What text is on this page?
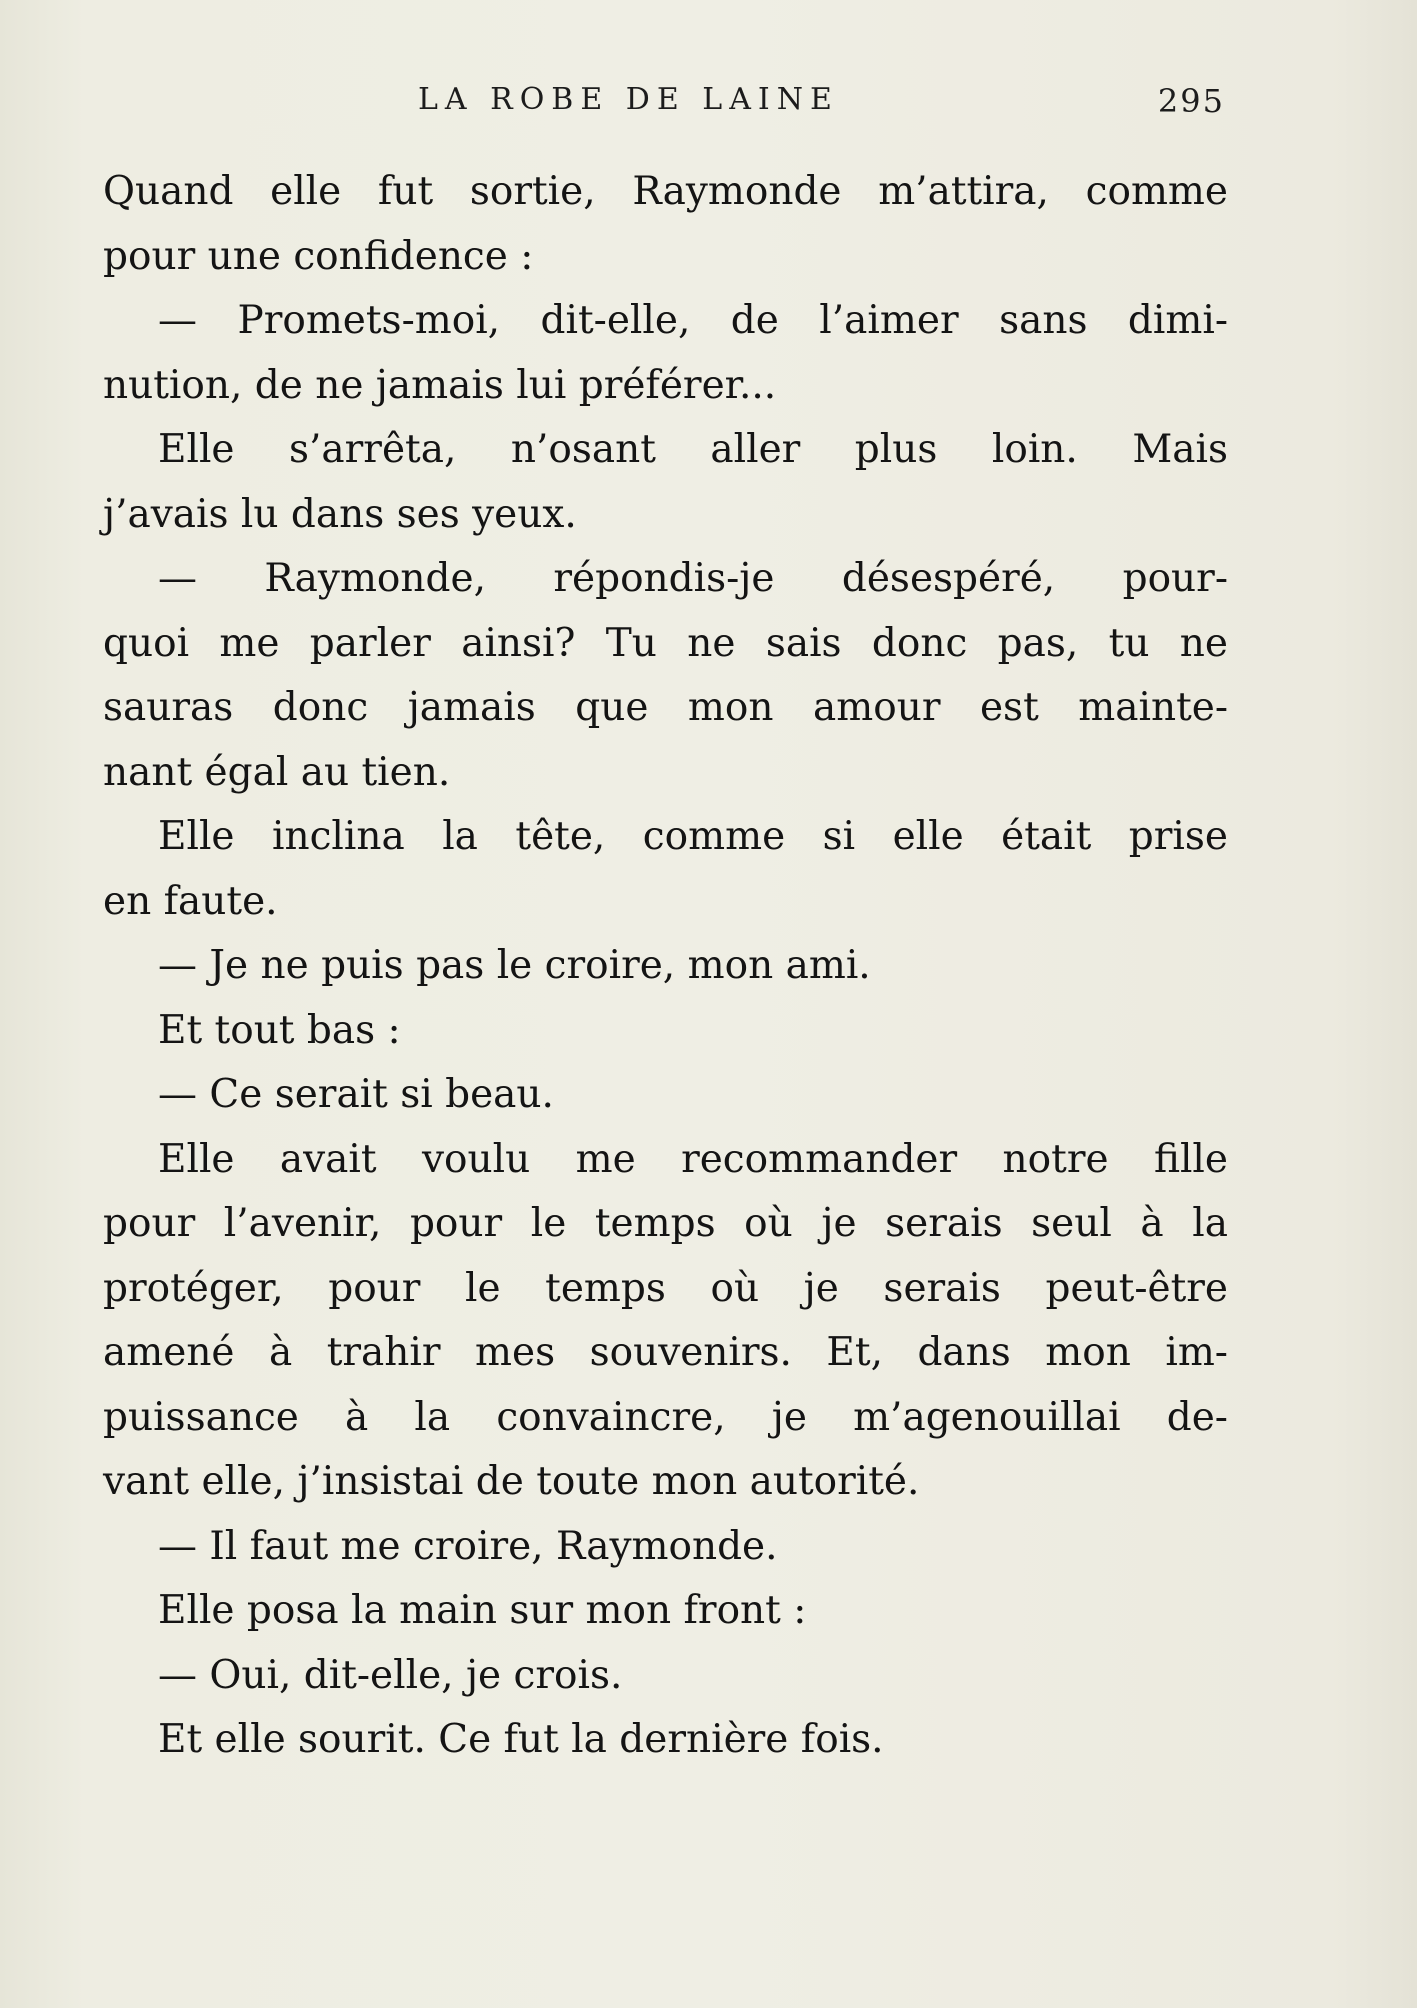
LA ROBE DE LAINE	295
Quand elle fut sortie, Raymonde m’attira, comme
pour une confidence :
— Promets-moi, dit-elle, de l’aimer sans dimi-
nution, de ne jamais lui préférer...
Elle s’arrêta, n’osant aller plus loin. Mais
j’avais lu dans ses yeux.
— Raymonde, répondis-je désespéré, pour-
quoi me parler ainsi? Tu ne sais donc pas, tu ne
sauras donc jamais que mon amour est mainte-
nant égal au tien.
Elle inclina la tête, comme si elle était prise
en faute.
— Je ne puis pas le croire, mon ami.
Et tout bas :
— Ce serait si beau.
Elle avait voulu me recommander notre fille
pour l’avenir, pour le temps où je serais seul à la
protéger, pour le temps où je serais peut-être
amené à trahir mes souvenirs. Et, dans mon im-
puissance à la convaincre, je m’agenouillai de-
vant elle, j’insistai de toute mon autorité.
— Il faut me croire, Raymonde.
Elle posa la main sur mon front :
— Oui, dit-elle, je crois.
Et elle sourit. Ce fut la dernière fois.
